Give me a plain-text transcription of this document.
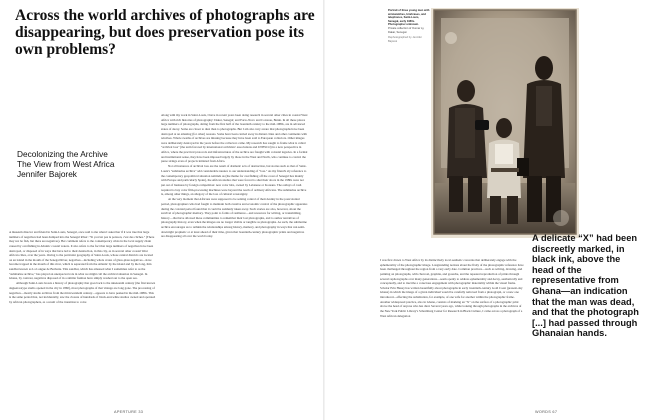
Across the world archives of photographs are disappearing, but does preservation pose its own problems?
Decolonizing the Archive
The View from West Africa
Jennifer Bajorek

A museum director and friend in Saint-Louis, Senegal, once said to me when I asked her if it was true that large numbers of negatives had been dumped into the Senegal River: "Si ça n'est pas le poisson, c'est des cliches." (There may not be fish, but there are negatives). Her comment refers to the contemporary crisis in the local supply chain caused by overfishing in Atlantic coastal waters. It also refers to the fact that large numbers of negatives have been destroyed, or disposed of in ways that have led to their destruction, in this city, as in several other coastal West African cities, over the years. Owing to the particular geography of Saint-Louis, whose central districts are located on an island in the mouth of the Senegal River, negatives—including whole crates of glass-plate negatives—have become trapped in the mouth of this river, which is separated from the Atlantic by the island and by the long, thin sandbar known as La Langue de Barbarie. This sandbar, which has amassed what I sometimes refer to as the "submarine archive," has played an unexpected role in what we might call the archival situation in Senegal. In Ghana, by contrast, negatives disposed of in a similar fashion have simply washed out to the open sea.

Although Saint-Louis boasts a history of photography that goes back to the nineteenth century (the first known daguerreotype studio opened in the city in 1860), most photographs of that vintage are long gone. The processing of negatives—mostly studio archives from the mid-twentieth century—appears to have peaked in the mid-1980s. This is the same period that, not incidentally, saw the closure of hundreds of black-and-white studios owned and operated by African photographers, as a result of the transition to color.

Along with my work in Saint-Louis, I have in recent years been doing research in several other cities in coastal West Africa with rich histories of photography: Dakar, Senegal; and Porto-Novo and Cotonou, Benin. In all these places large numbers of photographs, dating from the first half of the twentieth century to the mid-1980s, are in advanced states of decay. Some are closer to dust than to photographs. But I am also very aware that photographs have been destroyed at an amazing (for other) reasons. Some have been carried away in distant cities and other continents with relatives. Whole swaths of archives are missing because they have been sold to European collectors. Other images were deliberately destroyed in the years before the collectors came. My research has sought to frame what is called "archival loss" (the term favored by international archivists' associations and UNESCO) in a new perspective in Africa, where the practical protocols and infrastructures of the archive are fraught with colonial legacies. In a formal and institutional sense, they have been imposed largely by those in the West and North, who continue to control the purse strings even of projects initiated from Africa.

Not all instances of archival loss are the result of dramatic acts of destruction, but stories such as that of Saint-Louis's "submarine archive" add considerable nuance to our understanding of "loss." As my friend's sly reference to the contemporary geopolitical situation reminds us (the theme for overfishing off the coast of Senegal lies mainly with Europe and particularly Spain), the African studios that were forced to shut their doors in the 1980s were not put out of business by foreign competition: new color labs, owned by Lebanese or Koreans. The outlays of cash required to buy color film-processing machines were beyond the reach of ordinary Africans. The submarine archive is, among other things, an allegory of the loss of cultural sovereignty.

At the very moment that Africans were supposed to be seizing control of their destiny in the postcolonial period, photographers who had fought to maintain both creative and economic control of the photographic apparatus during the colonial period found that it could be suddenly taken away. Such stories are also, however, about the survival of photographic memory. They point to forms of resilience—and resources for writing, or transmitting, history—that have allowed these communities to remember their lost photographs, and to author narratives of photography history, even when the images are no longer visible or tangible as photographs. As such, the submarine archive encourages us to rethink the relationships among history, memory, and photography in ways that run semi-downright prophetic or at least ahead of their time, given that twentieth-century photographic prints and negatives are disappearing all over the world today.

APERTURE 33
Portrait of three young men with wristwatches, briefcases, and telephones, Saint-Louis, Senegal, early 1960s. Photographer unknown.
Private collection of Oumar Ly, Dakar, Senegal.
Rephotographed by Jennifer Bajorek

I was first drawn to West Africa by its distinctively local aesthetic concerns that deliberately engage with the ephemerality of the photographic image. Longstanding notions about the fixity of the photographic reference have been challenged throughout the region from a very early date. Common practices—such as writing, drawing, and painting on photographs, with charcoal, graphite, and gouache, and the repeated reproduction of prints through several rephotographs over many generations—seem openly to address ephemerality and decay, aesthetically and conceptually, and to inscribe a conscious engagement with photographic materiality within the visual frame. Scholar Erin Haney has written beautifully about photographs in early twentieth-century Gold Coast (present-day Ghana) in which the image of a given individual would be carefully removed from a photograph, or a new one introduced—effecting the substitution, for example, of one wife for another within the photographic frame. Another widespread practice, also in Ghana, consists of marking an "X" on the surface of a photographic print above the head of anyone who has died. Several years ago, while looking through photographs in the archives of the New York Public Library's Schomburg Center for Research in Black Culture, I came across a photograph of a West African delegation

A delicate “X” had been discreetly marked, in black ink, above the head of the representative from Ghana—an indication that the man was dead, and that the photograph [...] had passed through Ghanaian hands.
WORDS 67
